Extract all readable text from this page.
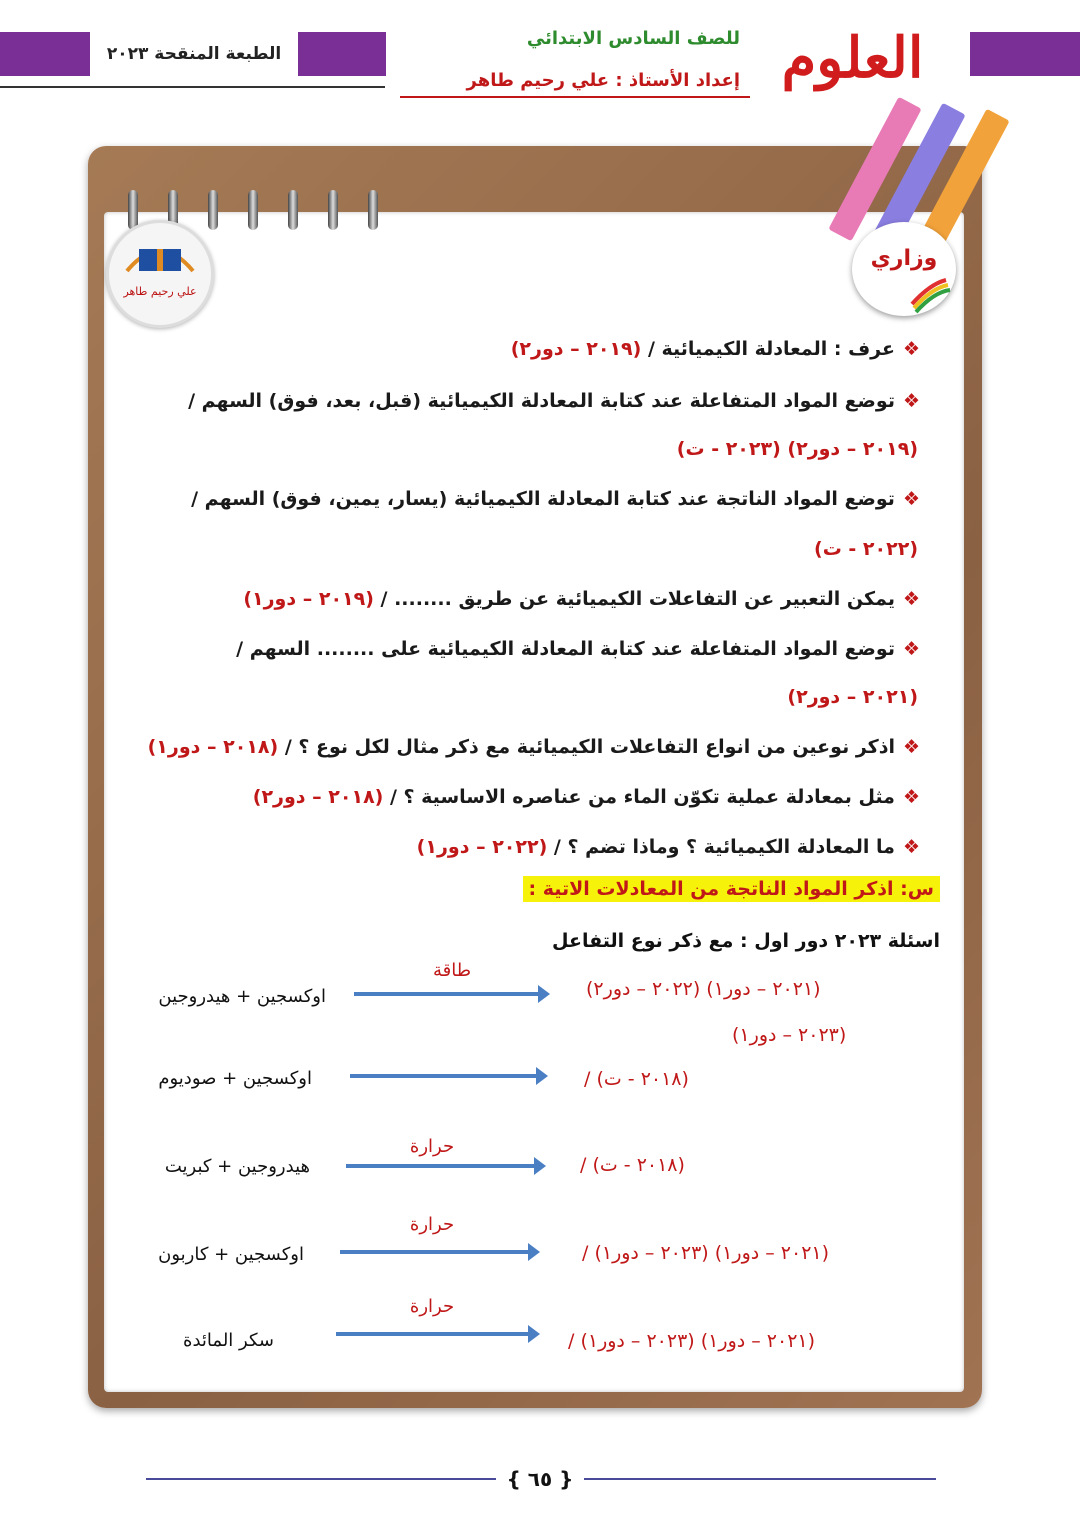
الطبعة المنقحة ٢٠٢٣
للصف السادس الابتدائي
إعداد الأستاذ : علي رحيم طاهر العلوم
علي رحيم طاهر
وزاري
❖عرف : المعادلة الكيميائية / (٢٠١٩ – دور٢)
❖توضع المواد المتفاعلة عند كتابة المعادلة الكيميائية (قبل، بعد، فوق) السهم /
(٢٠١٩ – دور٢) (٢٠٢٣ - ت)
❖توضع المواد الناتجة عند كتابة المعادلة الكيميائية (يسار، يمين، فوق) السهم /
(٢٠٢٢ - ت)
❖يمكن التعبير عن التفاعلات الكيميائية عن طريق ........ / (٢٠١٩ – دور١)
❖توضع المواد المتفاعلة عند كتابة المعادلة الكيميائية على ........ السهم /
(٢٠٢١ – دور٢)
❖اذكر نوعين من انواع التفاعلات الكيميائية مع ذكر مثال لكل نوع ؟ / (٢٠١٨ – دور١)
❖مثل بمعادلة عملية تكوّن الماء من عناصره الاساسية ؟ / (٢٠١٨ – دور٢)
❖ما المعادلة الكيميائية ؟ وماذا تضم ؟ / (٢٠٢٢ – دور١)
س: اذكر المواد الناتجة من المعادلات الاتية :
اسئلة ٢٠٢٣ دور اول : مع ذكر نوع التفاعل
اوكسجين + هيدروجين
طاقة
(٢٠٢١ – دور١) (٢٠٢٢ – دور٢)
(٢٠٢٣ – دور١)
اوكسجين + صوديوم	(٢٠١٨ - ت) /
هيدروجين + كبريت
حرارة
(٢٠١٨ - ت) /
اوكسجين + كاربون
حرارة
(٢٠٢١ – دور١) (٢٠٢٣ – دور١) /
سكر المائدة
حرارة
(٢٠٢١ – دور١) (٢٠٢٣ – دور١) /
{ ٦٥ }
